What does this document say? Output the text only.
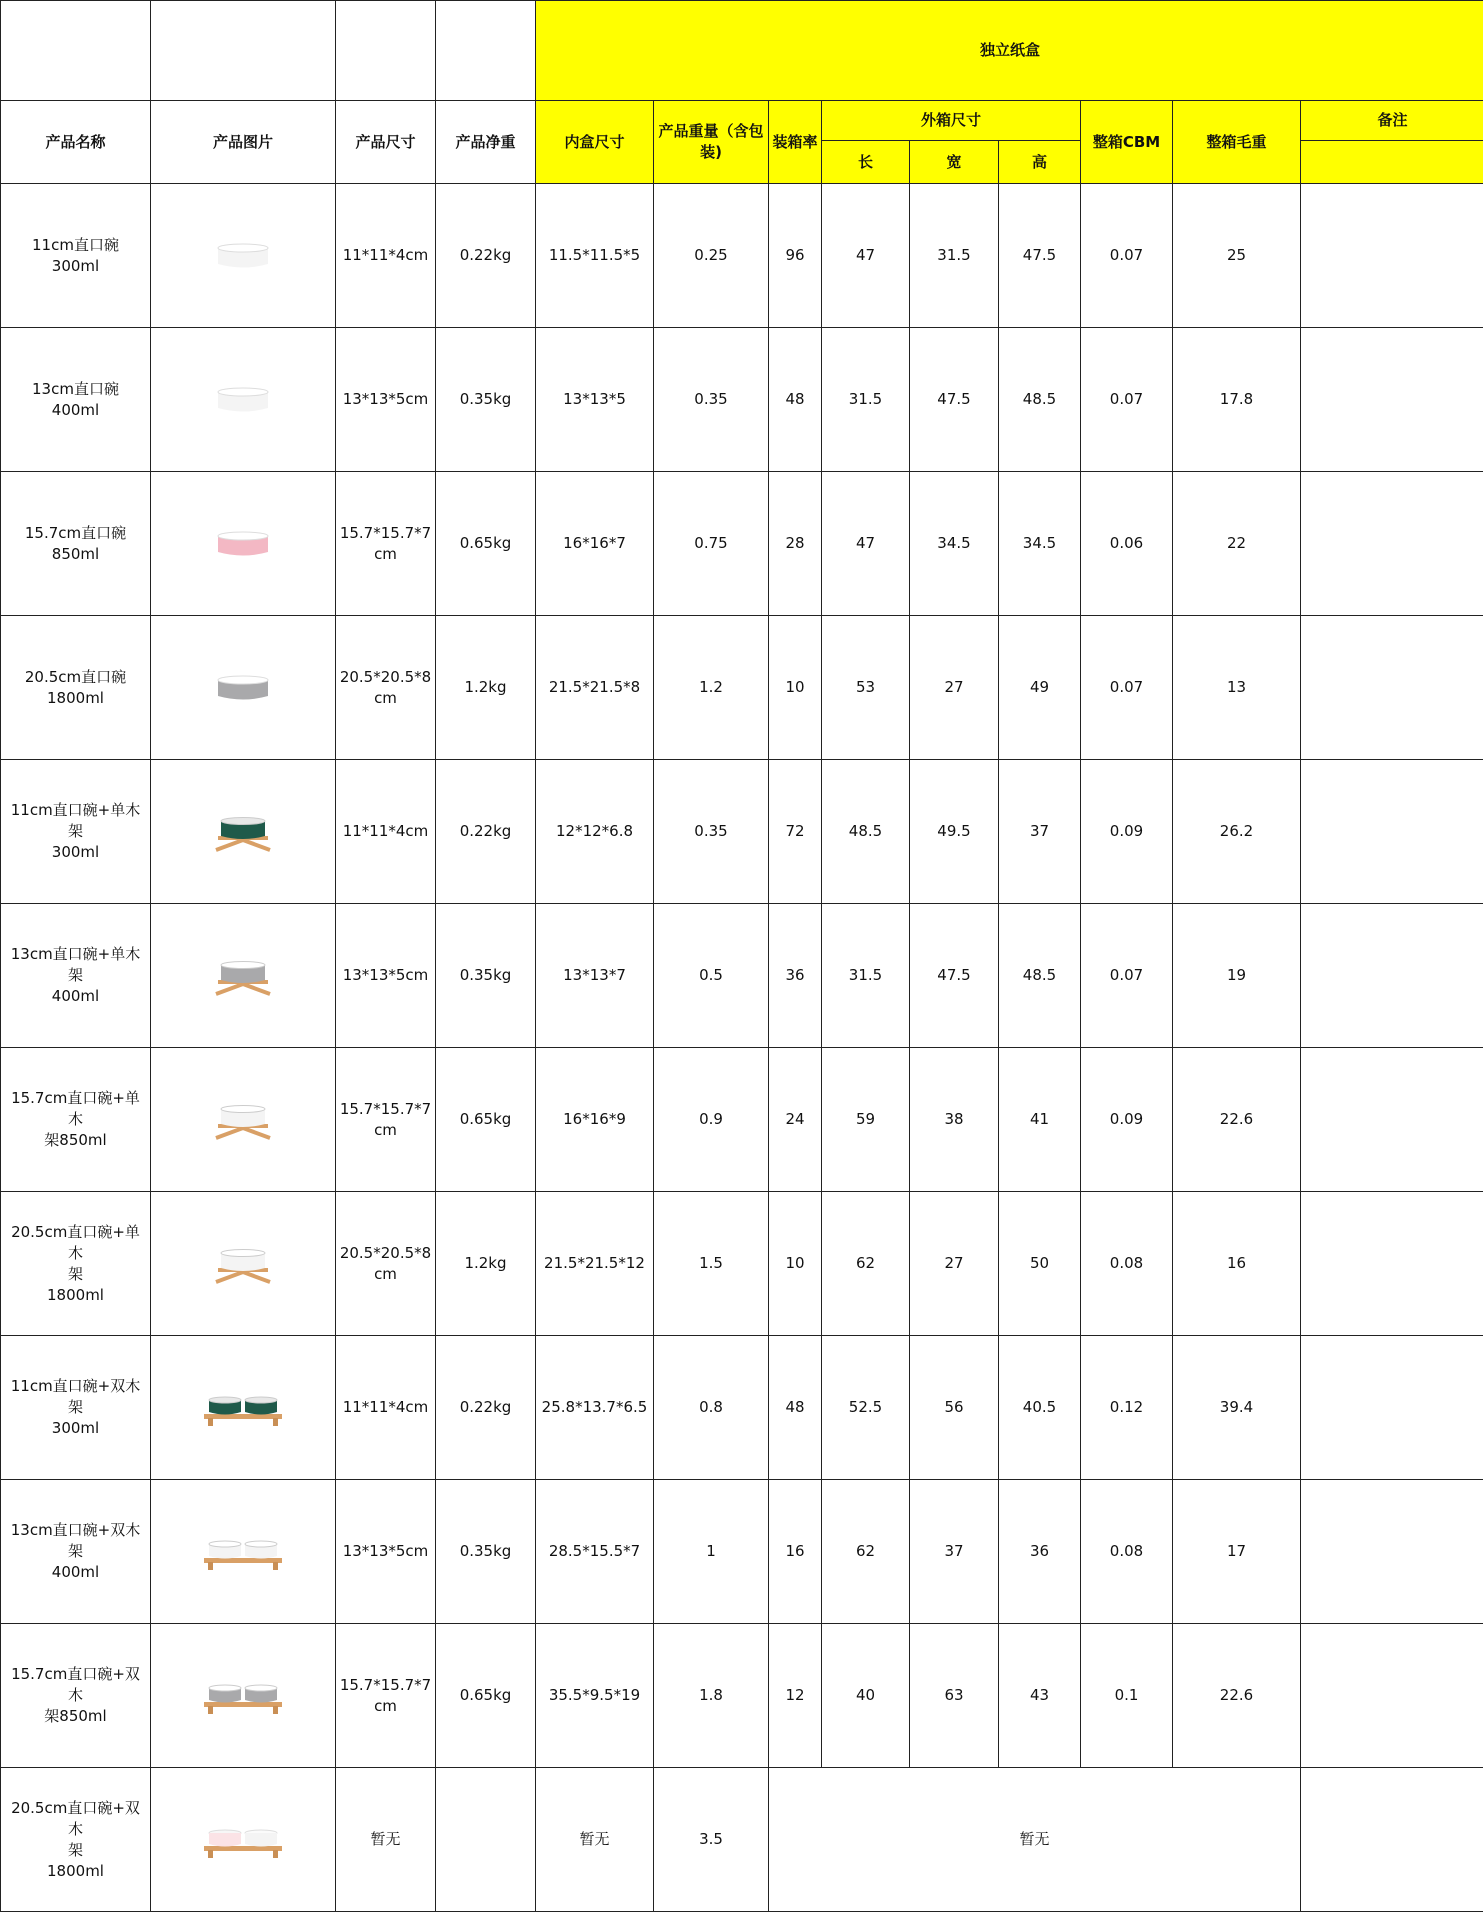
				独立纸盒								
产品名称	产品图片	产品尺寸	产品净重	内盒尺寸	产品重量（含包装)	装箱率	外箱尺寸			整箱CBM	整箱毛重	备注
							长	宽	高			
11cm直口碗
300ml		11*11*4cm	0.22kg	11.5*11.5*5	0.25	96	47	31.5	47.5	0.07	25	
13cm直口碗
400ml		13*13*5cm	0.35kg	13*13*5	0.35	48	31.5	47.5	48.5	0.07	17.8	
15.7cm直口碗
850ml		15.7*15.7*7cm	0.65kg	16*16*7	0.75	28	47	34.5	34.5	0.06	22	
20.5cm直口碗
1800ml		20.5*20.5*8cm	1.2kg	21.5*21.5*8	1.2	10	53	27	49	0.07	13	
11cm直口碗+单木架
300ml		11*11*4cm	0.22kg	12*12*6.8	0.35	72	48.5	49.5	37	0.09	26.2	
13cm直口碗+单木架
400ml		13*13*5cm	0.35kg	13*13*7	0.5	36	31.5	47.5	48.5	0.07	19	
15.7cm直口碗+单木
架850ml		15.7*15.7*7cm	0.65kg	16*16*9	0.9	24	59	38	41	0.09	22.6	
20.5cm直口碗+单木
架
1800ml		20.5*20.5*8cm	1.2kg	21.5*21.5*12	1.5	10	62	27	50	0.08	16	
11cm直口碗+双木架
300ml		11*11*4cm	0.22kg	25.8*13.7*6.5	0.8	48	52.5	56	40.5	0.12	39.4	
13cm直口碗+双木架
400ml		13*13*5cm	0.35kg	28.5*15.5*7	1	16	62	37	36	0.08	17	
15.7cm直口碗+双木
架850ml		15.7*15.7*7cm	0.65kg	35.5*9.5*19	1.8	12	40	63	43	0.1	22.6	
20.5cm直口碗+双木
架
1800ml		暂无		暂无	3.5	暂无						
